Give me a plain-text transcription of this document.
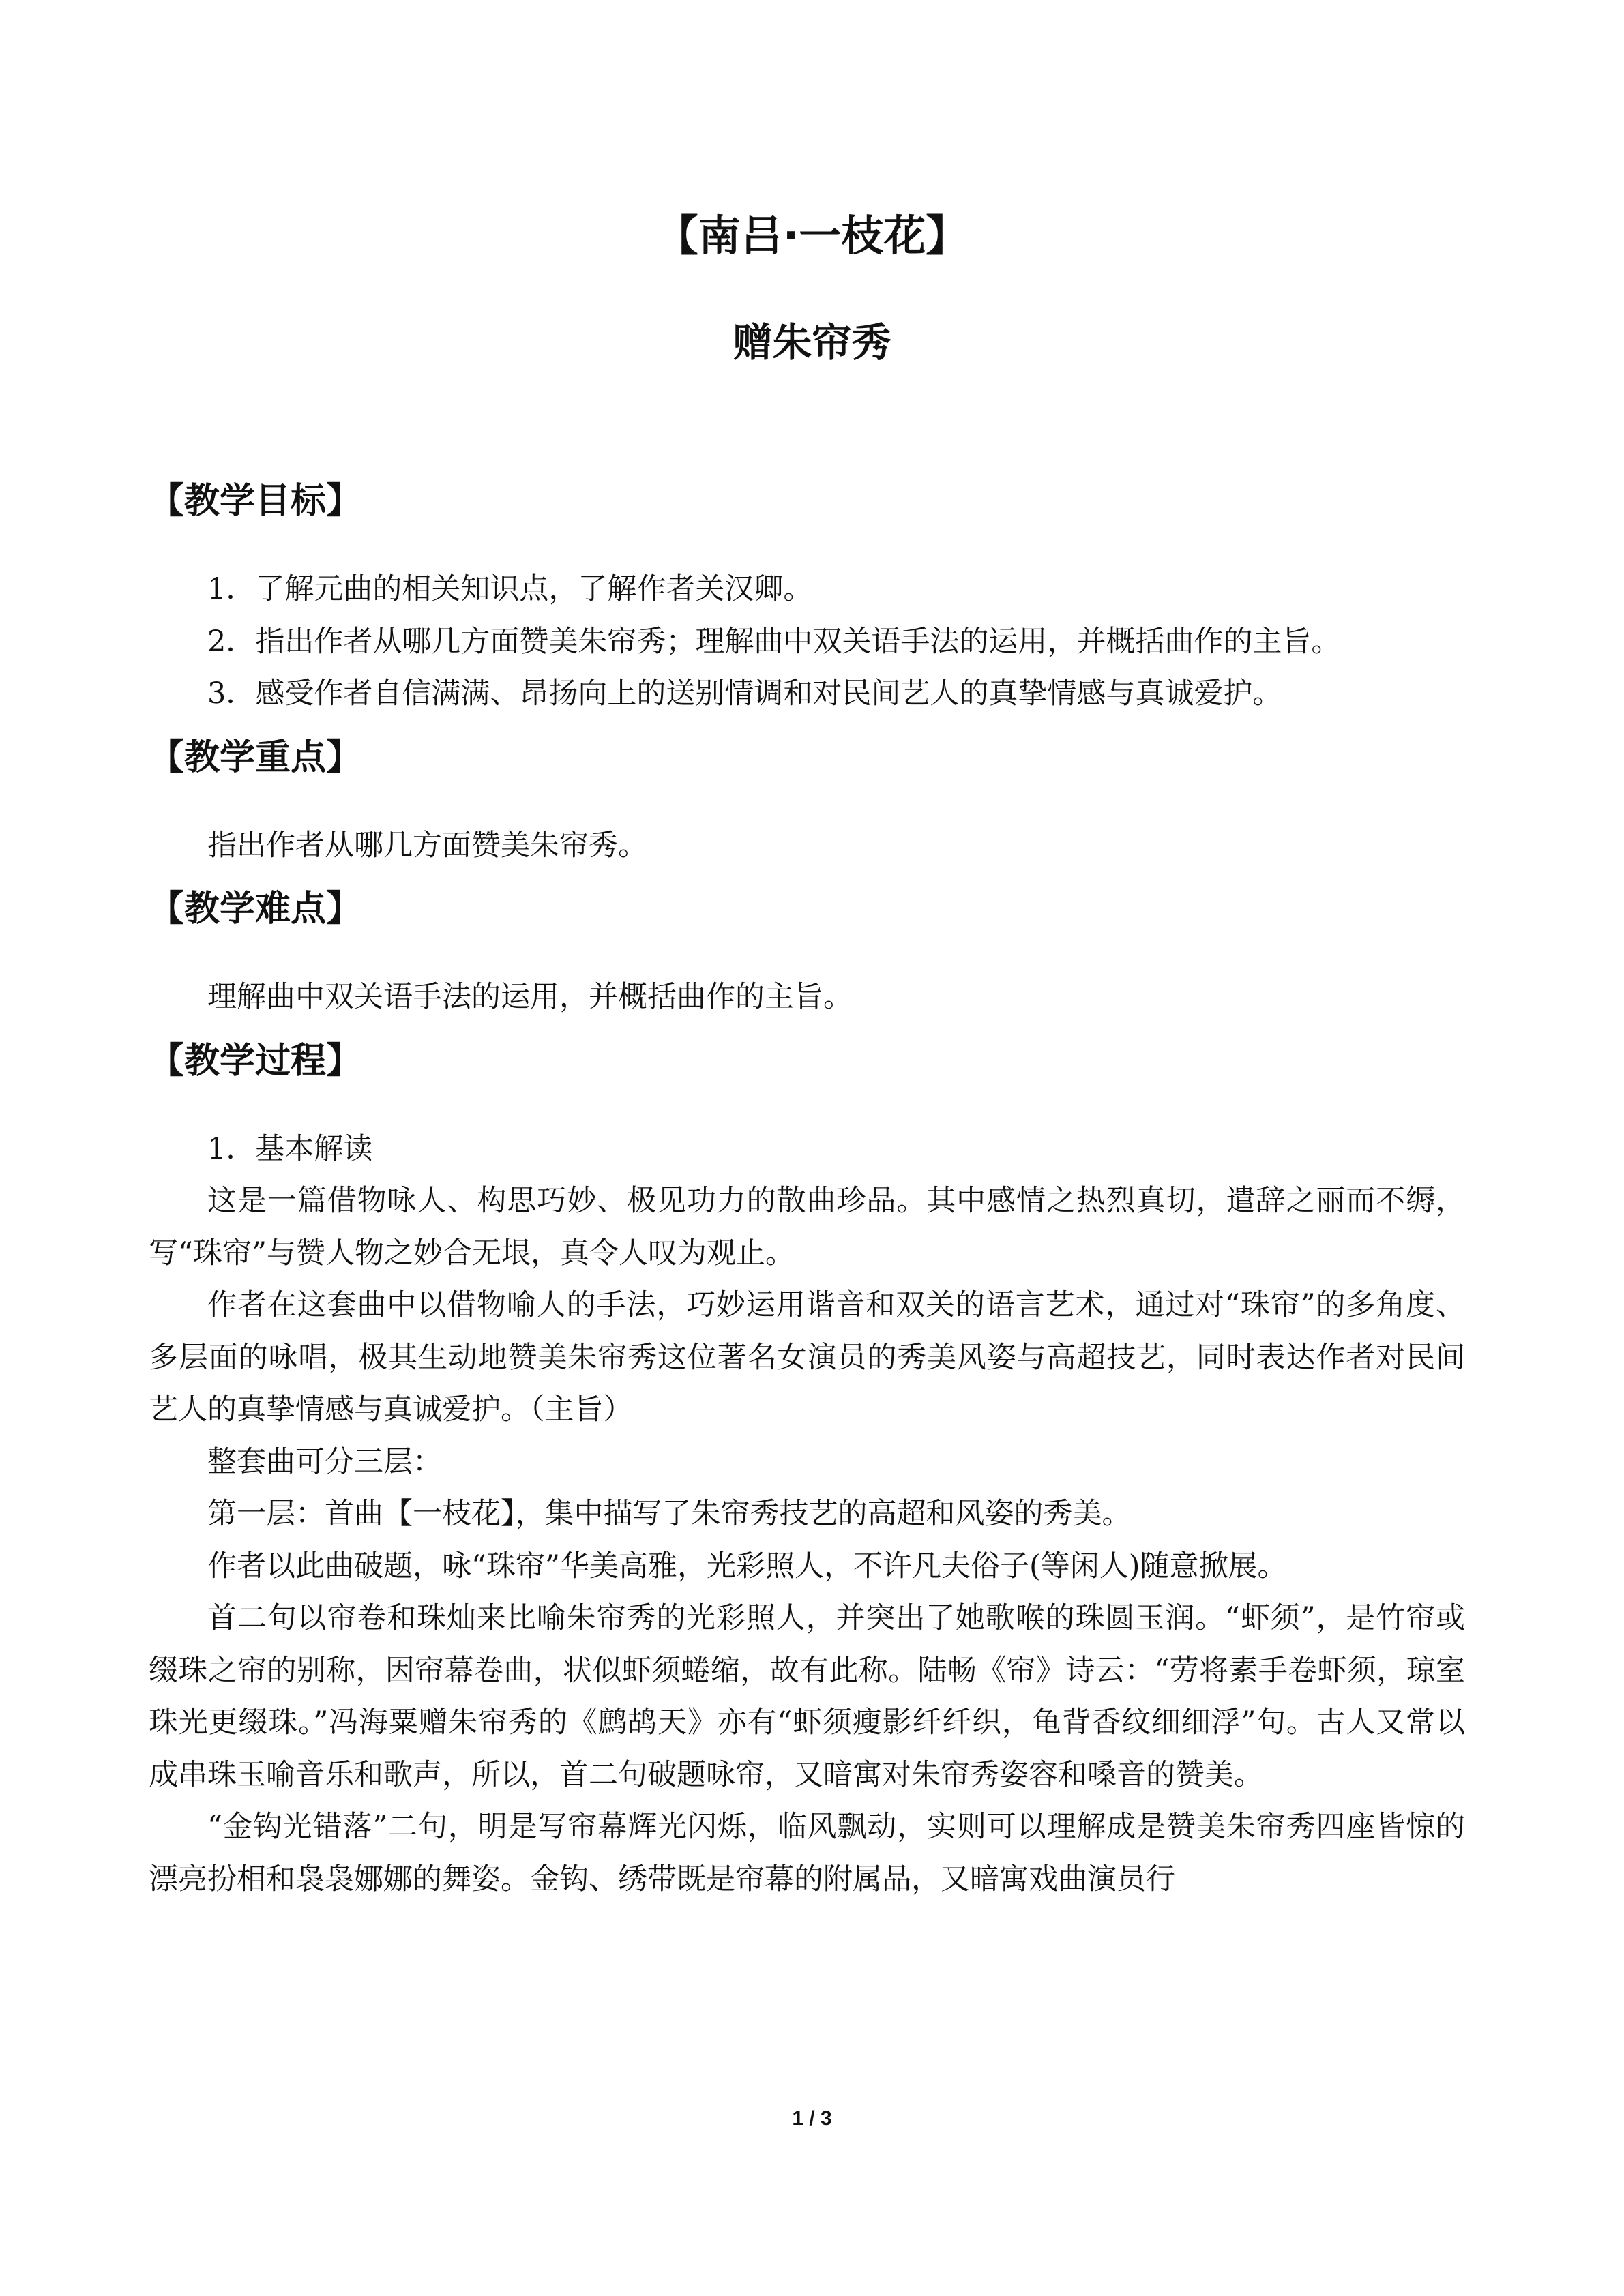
【南吕·一枝花】
赠朱帘秀
【教学目标】

1．了解元曲的相关知识点，了解作者关汉卿。

2．指出作者从哪几方面赞美朱帘秀；理解曲中双关语手法的运用，并概括曲作的主旨。

3．感受作者自信满满、昂扬向上的送别情调和对民间艺人的真挚情感与真诚爱护。

【教学重点】

指出作者从哪几方面赞美朱帘秀。

【教学难点】

理解曲中双关语手法的运用，并概括曲作的主旨。

【教学过程】

1．基本解读

这是一篇借物咏人、构思巧妙、极见功力的散曲珍品。其中感情之热烈真切，遣辞之丽而不缛，写“珠帘”与赞人物之妙合无垠，真令人叹为观止。

作者在这套曲中以借物喻人的手法，巧妙运用谐音和双关的语言艺术，通过对“珠帘”的多角度、多层面的咏唱，极其生动地赞美朱帘秀这位著名女演员的秀美风姿与高超技艺，同时表达作者对民间艺人的真挚情感与真诚爱护。（主旨）

整套曲可分三层：

第一层：首曲【一枝花】，集中描写了朱帘秀技艺的高超和风姿的秀美。

作者以此曲破题，咏“珠帘”华美高雅，光彩照人，不许凡夫俗子(等闲人)随意掀展。

首二句以帘卷和珠灿来比喻朱帘秀的光彩照人，并突出了她歌喉的珠圆玉润。“虾须”，是竹帘或缀珠之帘的别称，因帘幕卷曲，状似虾须蜷缩，故有此称。陆畅《帘》诗云：“劳将素手卷虾须，琼室珠光更缀珠。”冯海粟赠朱帘秀的《鹧鸪天》亦有“虾须瘦影纤纤织，龟背香纹细细浮”句。古人又常以成串珠玉喻音乐和歌声，所以，首二句破题咏帘，又暗寓对朱帘秀姿容和嗓音的赞美。

“金钩光错落”二句，明是写帘幕辉光闪烁，临风飘动，实则可以理解成是赞美朱帘秀四座皆惊的漂亮扮相和袅袅娜娜的舞姿。金钩、绣带既是帘幕的附属品，又暗寓戏曲演员行

1 / 3
